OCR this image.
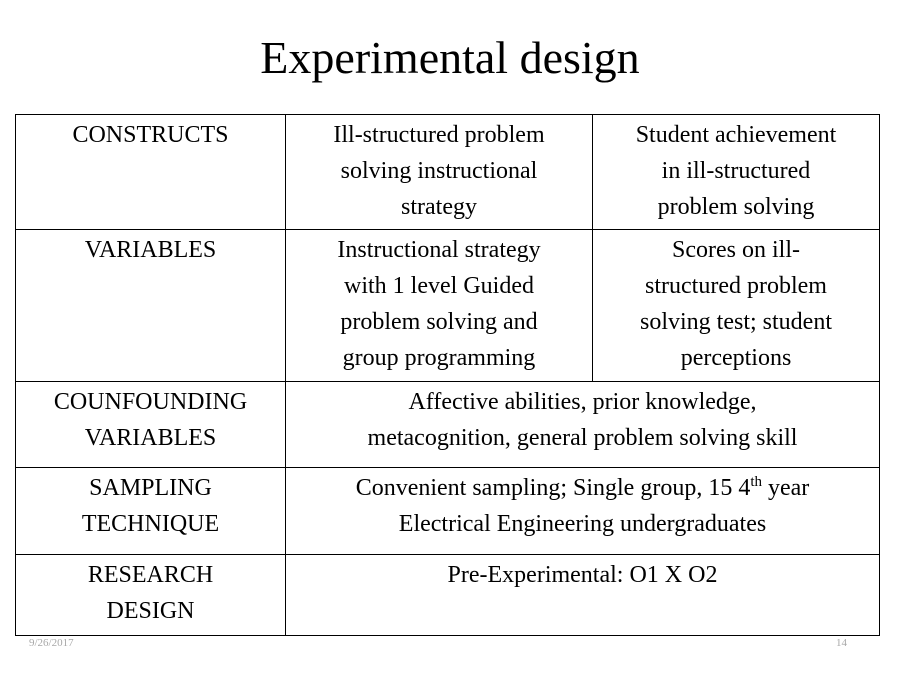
Experimental design
CONSTRUCTS	Ill-structured problem
solving instructional
strategy	Student achievement
in ill-structured
problem solving

VARIABLES	Instructional strategy
with 1 level Guided
problem solving and
group programming	Scores on ill-
structured problem
solving test; student
perceptions

COUNFOUNDING
VARIABLES	Affective abilities, prior knowledge,
metacognition, general problem solving skill	

SAMPLING
TECHNIQUE	Convenient sampling; Single group, 15 4th year
Electrical Engineering undergraduates	

RESEARCH
DESIGN	Pre-Experimental: O1 X O2	
9/26/2017	14
